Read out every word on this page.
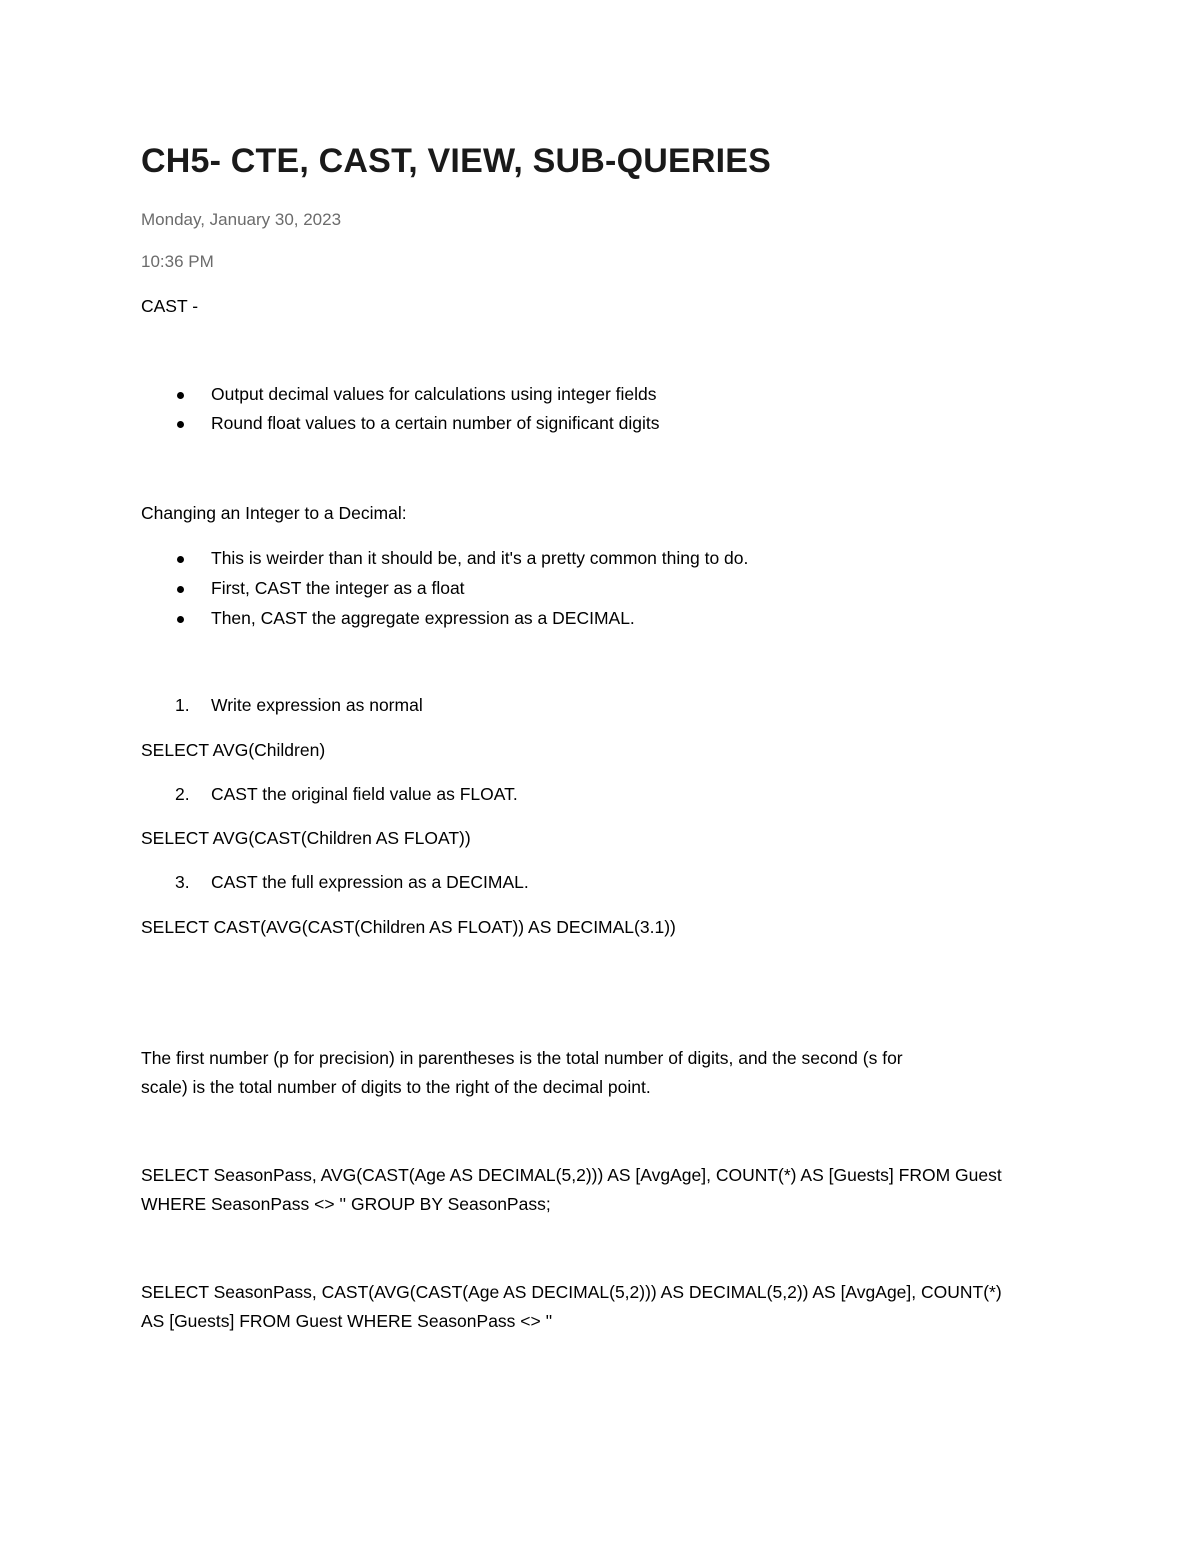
CH5- CTE, CAST, VIEW, SUB-QUERIES

Monday, January 30, 2023

10:36 PM

CAST -

Output decimal values for calculations using integer fields

Round float values to a certain number of significant digits

Changing an Integer to a Decimal:

This is weirder than it should be, and it's a pretty common thing to do.

First, CAST the integer as a float

Then, CAST the aggregate expression as a DECIMAL.

1. Write expression as normal

SELECT AVG(Children)

2. CAST the original field value as FLOAT.

SELECT AVG(CAST(Children AS FLOAT))

3. CAST the full expression as a DECIMAL.

SELECT CAST(AVG(CAST(Children AS FLOAT)) AS DECIMAL(3.1))

The first number (p for precision) in parentheses is the total number of digits, and the second (s for

scale) is the total number of digits to the right of the decimal point.

SELECT SeasonPass, AVG(CAST(Age AS DECIMAL(5,2))) AS [AvgAge], COUNT(*) AS [Guests] FROM Guest

WHERE SeasonPass <> '' GROUP BY SeasonPass;

SELECT SeasonPass, CAST(AVG(CAST(Age AS DECIMAL(5,2))) AS DECIMAL(5,2)) AS [AvgAge], COUNT(*)

AS [Guests] FROM Guest WHERE SeasonPass <> ''
